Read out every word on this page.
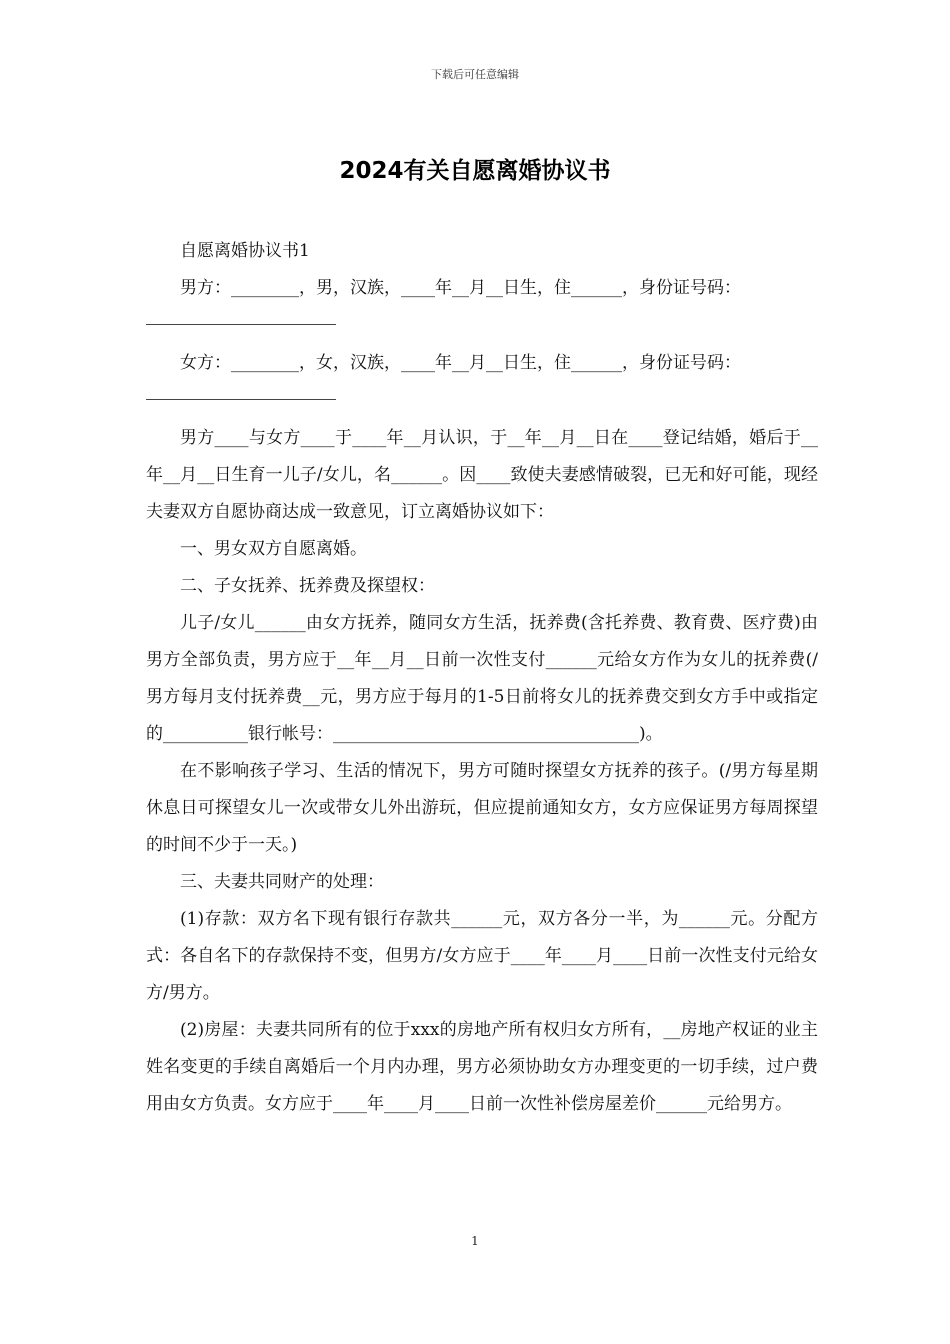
下载后可任意编辑
2024有关自愿离婚协议书

自愿离婚协议书1

男方：________，男，汉族，____年__月__日生，住______，身份证号码：

女方：________，女，汉族，____年__月__日生，住______，身份证号码：

男方____与女方____于____年__月认识，于__年__月__日在____登记结婚，婚后于__年__月__日生育一儿子/女儿，名______。因____致使夫妻感情破裂，已无和好可能，现经夫妻双方自愿协商达成一致意见，订立离婚协议如下：

一、男女双方自愿离婚。

二、子女抚养、抚养费及探望权：

儿子/女儿______由女方抚养，随同女方生活，抚养费(含托养费、教育费、医疗费)由男方全部负责，男方应于__年__月__日前一次性支付______元给女方作为女儿的抚养费(/男方每月支付抚养费__元，男方应于每月的1-5日前将女儿的抚养费交到女方手中或指定的__________银行帐号：____________________________________)。

在不影响孩子学习、生活的情况下，男方可随时探望女方抚养的孩子。(/男方每星期休息日可探望女儿一次或带女儿外出游玩，但应提前通知女方，女方应保证男方每周探望的时间不少于一天。)

三、夫妻共同财产的处理：

(1)存款：双方名下现有银行存款共______元，双方各分一半，为______元。分配方式：各自名下的存款保持不变，但男方/女方应于____年____月____日前一次性支付元给女方/男方。

(2)房屋：夫妻共同所有的位于xxx的房地产所有权归女方所有，__房地产权证的业主姓名变更的手续自离婚后一个月内办理，男方必须协助女方办理变更的一切手续，过户费用由女方负责。女方应于____年____月____日前一次性补偿房屋差价______元给男方。

1
